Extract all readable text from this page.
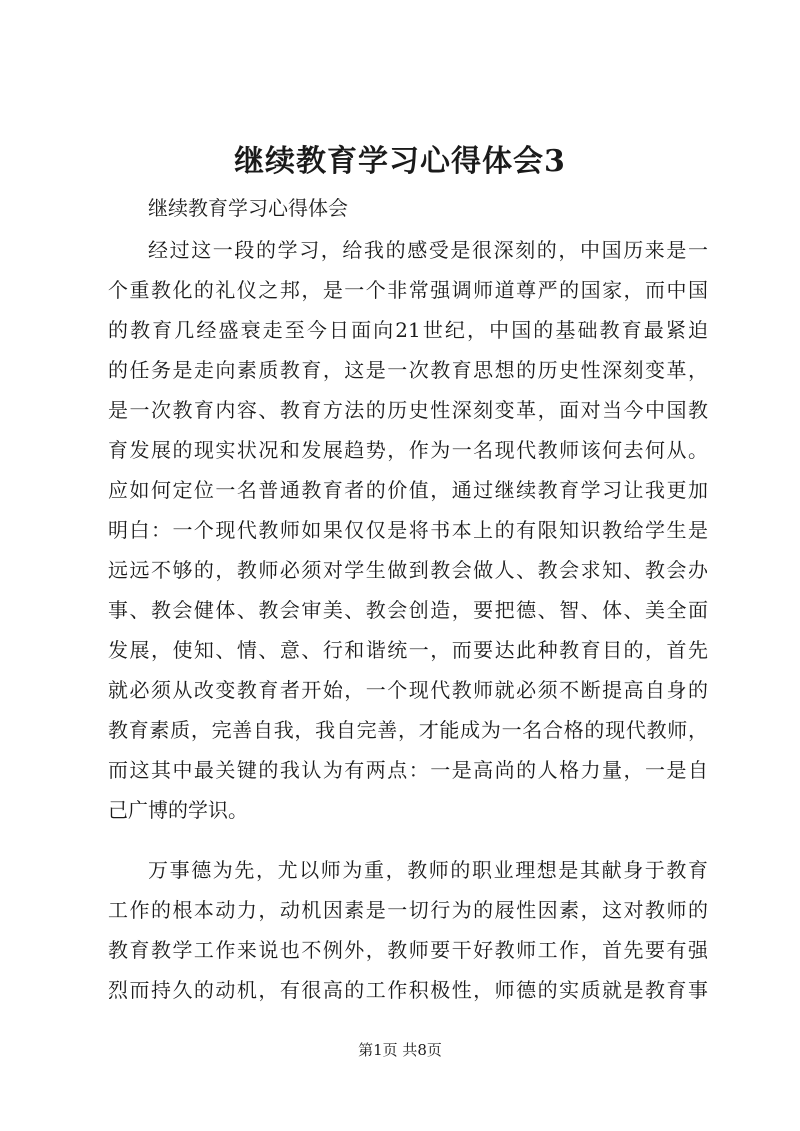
继续教育学习心得体会3
继续教育学习心得体会
经过这一段的学习，给我的感受是很深刻的，中国历来是一
个重教化的礼仪之邦，是一个非常强调师道尊严的国家，而中国
的教育几经盛衰走至今日面向21世纪，中国的基础教育最紧迫
的任务是走向素质教育，这是一次教育思想的历史性深刻变革，
是一次教育内容、教育方法的历史性深刻变革，面对当今中国教
育发展的现实状况和发展趋势，作为一名现代教师该何去何从。
应如何定位一名普通教育者的价值，通过继续教育学习让我更加
明白：一个现代教师如果仅仅是将书本上的有限知识教给学生是
远远不够的，教师必须对学生做到教会做人、教会求知、教会办
事、教会健体、教会审美、教会创造，要把德、智、体、美全面
发展，使知、情、意、行和谐统一，而要达此种教育目的，首先
就必须从改变教育者开始，一个现代教师就必须不断提高自身的
教育素质，完善自我，我自完善，才能成为一名合格的现代教师，
而这其中最关键的我认为有两点：一是高尚的人格力量，一是自
己广博的学识。
万事德为先，尤以师为重，教师的职业理想是其献身于教育
工作的根本动力，动机因素是一切行为的屐性因素，这对教师的
教育教学工作来说也不例外，教师要干好教师工作，首先要有强
烈而持久的动机，有很高的工作积极性，师德的实质就是教育事
第1页 共8页
